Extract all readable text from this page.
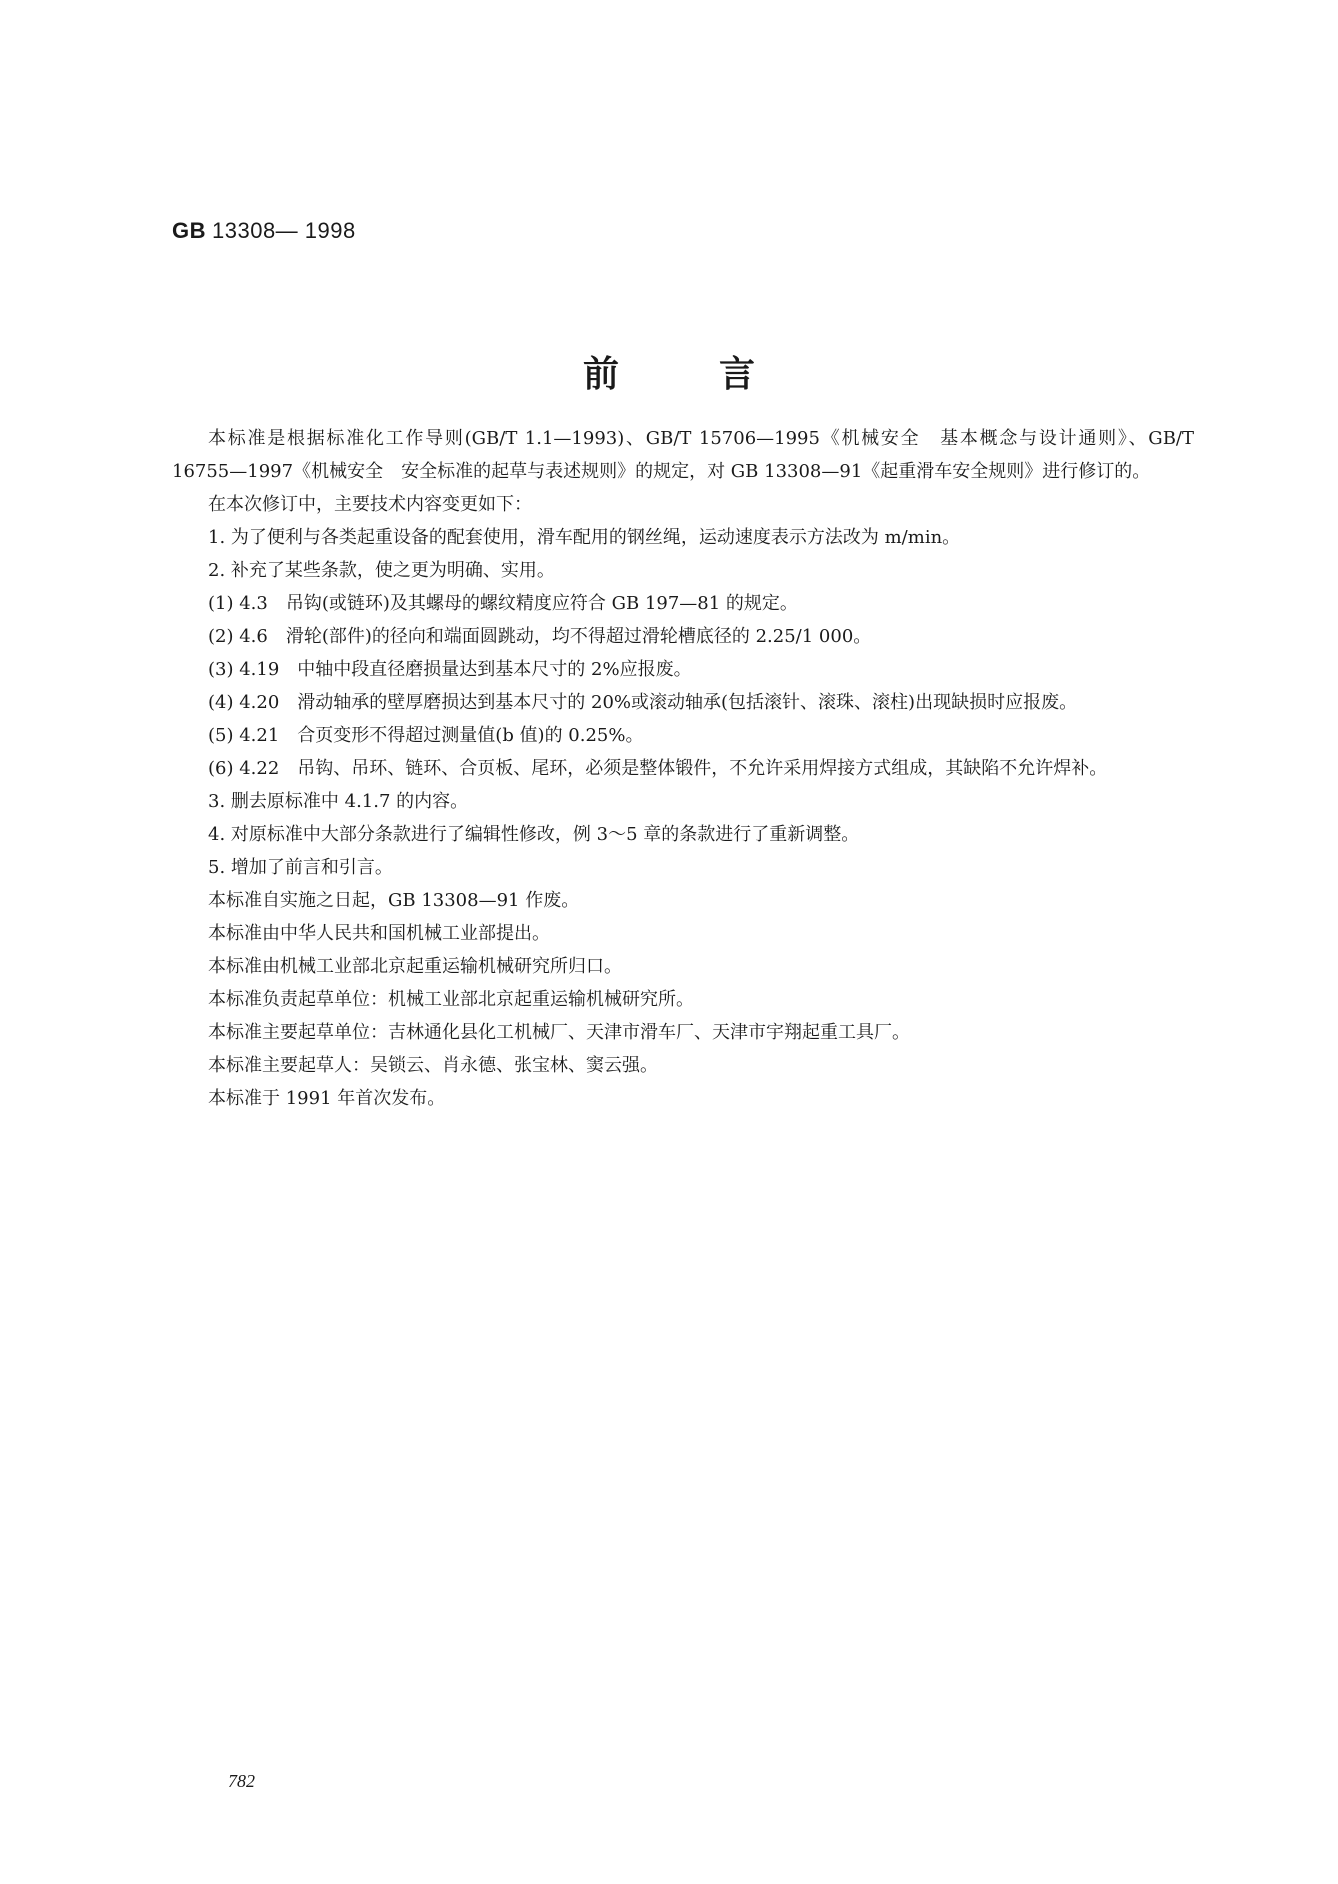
GB 13308— 1998
前言

本标准是根据标准化工作导则(GB/T 1.1—1993)、GB/T 15706—1995《机械安全　基本概念与设计通则》、GB/T 16755—1997《机械安全　安全标准的起草与表述规则》的规定，对 GB 13308—91《起重滑车安全规则》进行修订的。

在本次修订中，主要技术内容变更如下：

1. 为了便利与各类起重设备的配套使用，滑车配用的钢丝绳，运动速度表示方法改为 m/min。

2. 补充了某些条款，使之更为明确、实用。

(1) 4.3　吊钩(或链环)及其螺母的螺纹精度应符合 GB 197—81 的规定。

(2) 4.6　滑轮(部件)的径向和端面圆跳动，均不得超过滑轮槽底径的 2.25/1 000。

(3) 4.19　中轴中段直径磨损量达到基本尺寸的 2%应报废。

(4) 4.20　滑动轴承的壁厚磨损达到基本尺寸的 20%或滚动轴承(包括滚针、滚珠、滚柱)出现缺损时应报废。

(5) 4.21　合页变形不得超过测量值(b 值)的 0.25%。

(6) 4.22　吊钩、吊环、链环、合页板、尾环，必须是整体锻件，不允许采用焊接方式组成，其缺陷不允许焊补。

3. 删去原标准中 4.1.7 的内容。

4. 对原标准中大部分条款进行了编辑性修改，例 3～5 章的条款进行了重新调整。

5. 增加了前言和引言。

本标准自实施之日起，GB 13308—91 作废。

本标准由中华人民共和国机械工业部提出。

本标准由机械工业部北京起重运输机械研究所归口。

本标准负责起草单位：机械工业部北京起重运输机械研究所。

本标准主要起草单位：吉林通化县化工机械厂、天津市滑车厂、天津市宇翔起重工具厂。

本标准主要起草人：吴锁云、肖永德、张宝林、窦云强。

本标准于 1991 年首次发布。

782
